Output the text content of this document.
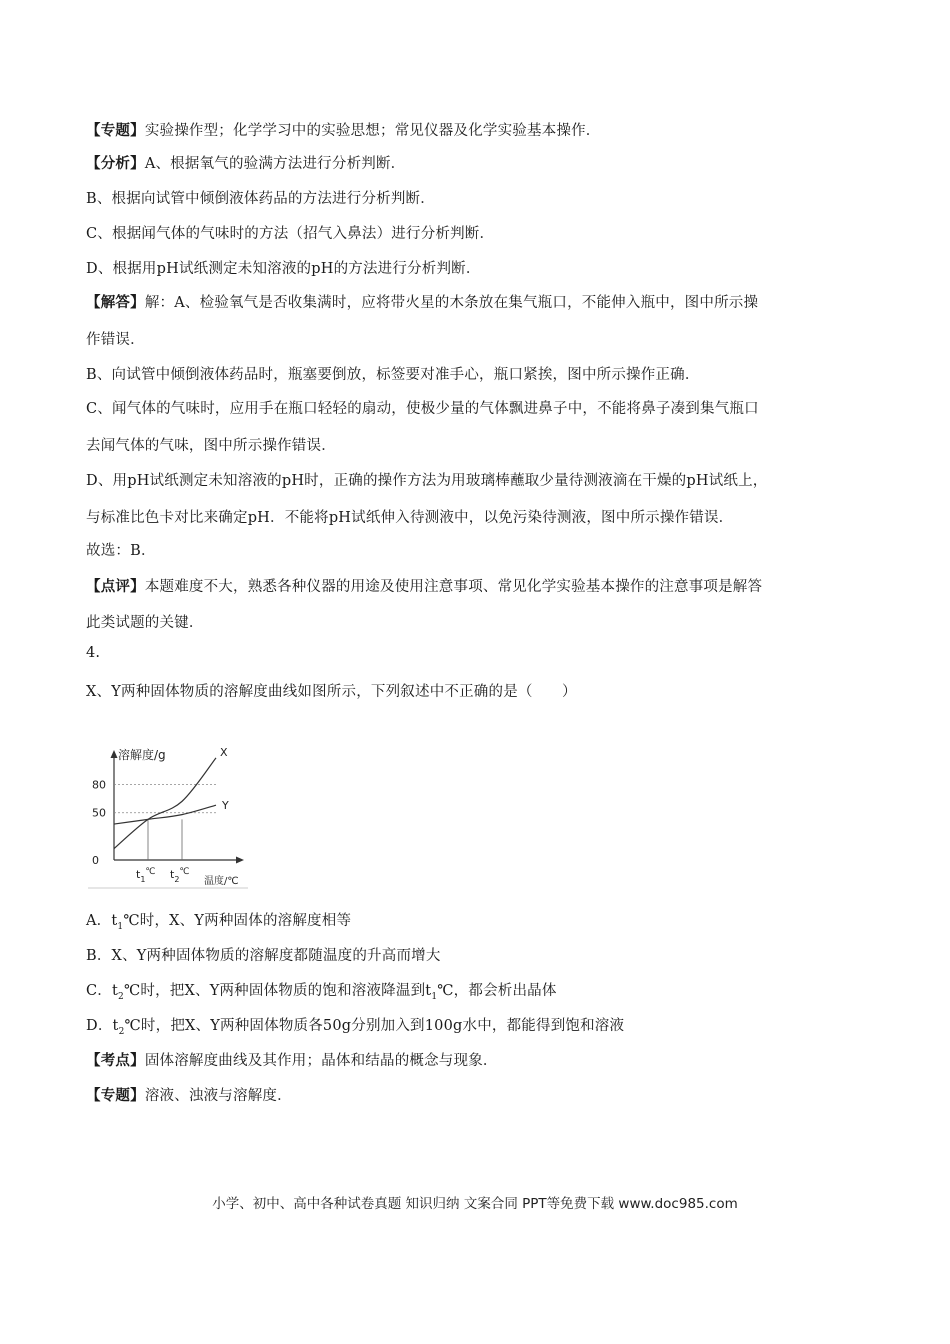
【专题】实验操作型；化学学习中的实验思想；常见仪器及化学实验基本操作．
【分析】A、根据氧气的验满方法进行分析判断．
B、根据向试管中倾倒液体药品的方法进行分析判断．
C、根据闻气体的气味时的方法（招气入鼻法）进行分析判断．
D、根据用pH试纸测定未知溶液的pH的方法进行分析判断．
【解答】解：A、检验氧气是否收集满时，应将带火星的木条放在集气瓶口，不能伸入瓶中，图中所示操
作错误．
B、向试管中倾倒液体药品时，瓶塞要倒放，标签要对准手心，瓶口紧挨，图中所示操作正确．
C、闻气体的气味时，应用手在瓶口轻轻的扇动，使极少量的气体飘进鼻子中，不能将鼻子凑到集气瓶口
去闻气体的气味，图中所示操作错误．
D、用pH试纸测定未知溶液的pH时，正确的操作方法为用玻璃棒蘸取少量待测液滴在干燥的pH试纸上，
与标准比色卡对比来确定pH．不能将pH试纸伸入待测液中，以免污染待测液，图中所示操作错误．
故选：B．
【点评】本题难度不大，熟悉各种仪器的用途及使用注意事项、常见化学实验基本操作的注意事项是解答
此类试题的关键．
4.
X、Y两种固体物质的溶解度曲线如图所示，下列叙述中不正确的是（　　）
溶解度/g
温度/℃
80
50
0
$t_1^℃$ $t_2^℃$
X
Y
A．$t_1℃$时，X、Y两种固体的溶解度相等
B．X、Y两种固体物质的溶解度都随温度的升高而增大
C．$t_2℃$时，把X、Y两种固体物质的饱和溶液降温到$t_1℃$，都会析出晶体
D．$t_2℃$时，把X、Y两种固体物质各50g分别加入到100g水中，都能得到饱和溶液
【考点】固体溶解度曲线及其作用；晶体和结晶的概念与现象．
【专题】溶液、浊液与溶解度．
小学、初中、高中各种试卷真题 知识归纳 文案合同 PPT等免费下载 www.doc985.com
